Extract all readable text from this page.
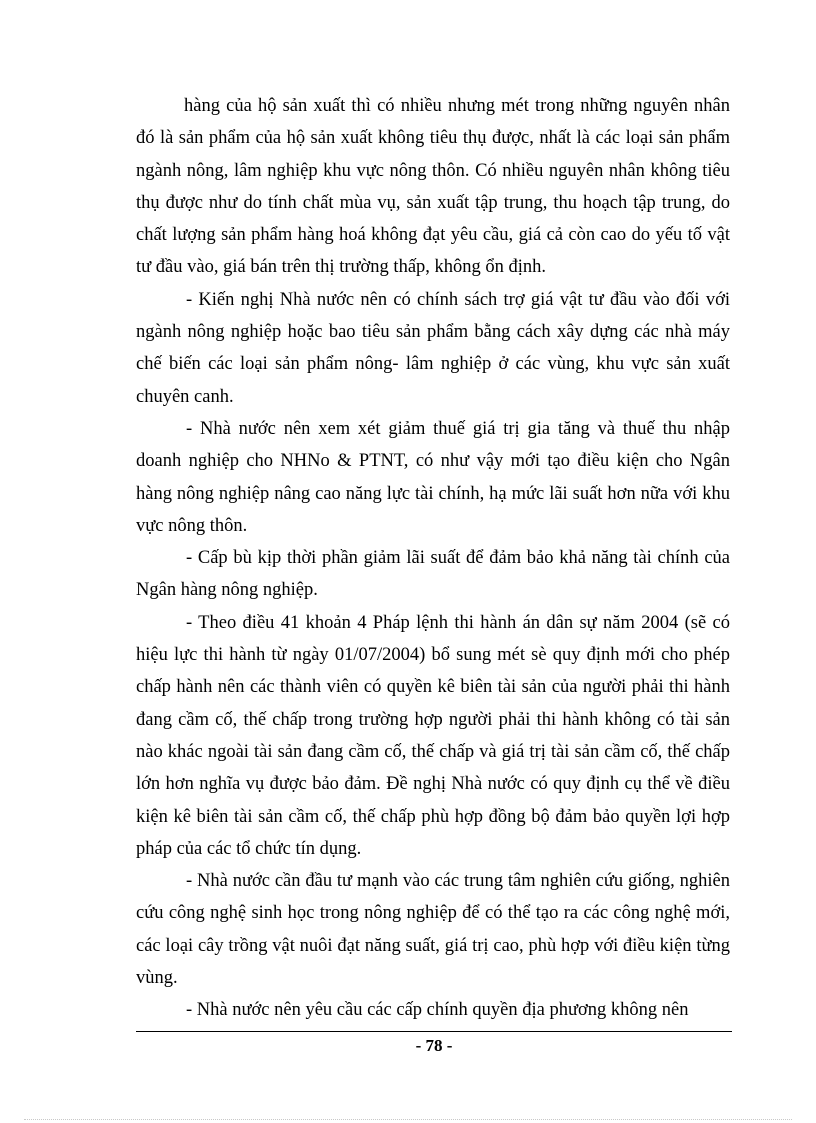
hàng của hộ sản xuất thì có nhiều nhưng mét trong những nguyên nhân đó là sản phẩm của hộ sản xuất không tiêu thụ được, nhất là các loại sản phẩm ngành nông, lâm nghiệp khu vực nông thôn. Có nhiều nguyên nhân không tiêu thụ được như do tính chất mùa vụ, sản xuất tập trung, thu hoạch tập trung, do chất lượng sản phẩm hàng hoá không đạt yêu cầu, giá cả còn cao do yếu tố vật tư đầu vào, giá bán trên thị trường thấp, không ổn định.

- Kiến nghị Nhà nước nên có chính sách trợ giá vật tư đầu vào đối với ngành nông nghiệp hoặc bao tiêu sản phẩm bằng cách xây dựng các nhà máy chế biến các loại sản phẩm nông- lâm nghiệp ở các vùng, khu vực sản xuất chuyên canh.

- Nhà nước nên xem xét giảm thuế giá trị gia tăng và thuế thu nhập doanh nghiệp cho NHNo & PTNT, có như vậy mới tạo điều kiện cho Ngân hàng nông nghiệp nâng cao năng lực tài chính, hạ mức lãi suất hơn nữa với khu vực nông thôn.

- Cấp bù kịp thời phần giảm lãi suất để đảm bảo khả năng tài chính của Ngân hàng nông nghiệp.

- Theo điều 41 khoản 4 Pháp lệnh thi hành án dân sự năm 2004 (sẽ có hiệu lực thi hành từ ngày 01/07/2004) bổ sung mét sè quy định mới cho phép chấp hành nên các thành viên có quyền kê biên tài sản của người phải thi hành đang cầm cố, thế chấp trong trường hợp người phải thi hành không có tài sản nào khác ngoài tài sản đang cầm cố, thế chấp và giá trị tài sản cầm cố, thế chấp lớn hơn nghĩa vụ được bảo đảm. Đề nghị Nhà nước có quy định cụ thể về điều kiện kê biên tài sản cầm cố, thế chấp phù hợp đồng bộ đảm bảo quyền lợi hợp pháp của các tổ chức tín dụng.

- Nhà nước cần đầu tư mạnh vào các trung tâm nghiên cứu giống, nghiên cứu công nghệ sinh học trong nông nghiệp để có thể tạo ra các công nghệ mới, các loại cây trồng vật nuôi đạt năng suất, giá trị cao, phù hợp với điều kiện từng vùng.

- Nhà nước nên yêu cầu các cấp chính quyền địa phương không nên

- 78 -
